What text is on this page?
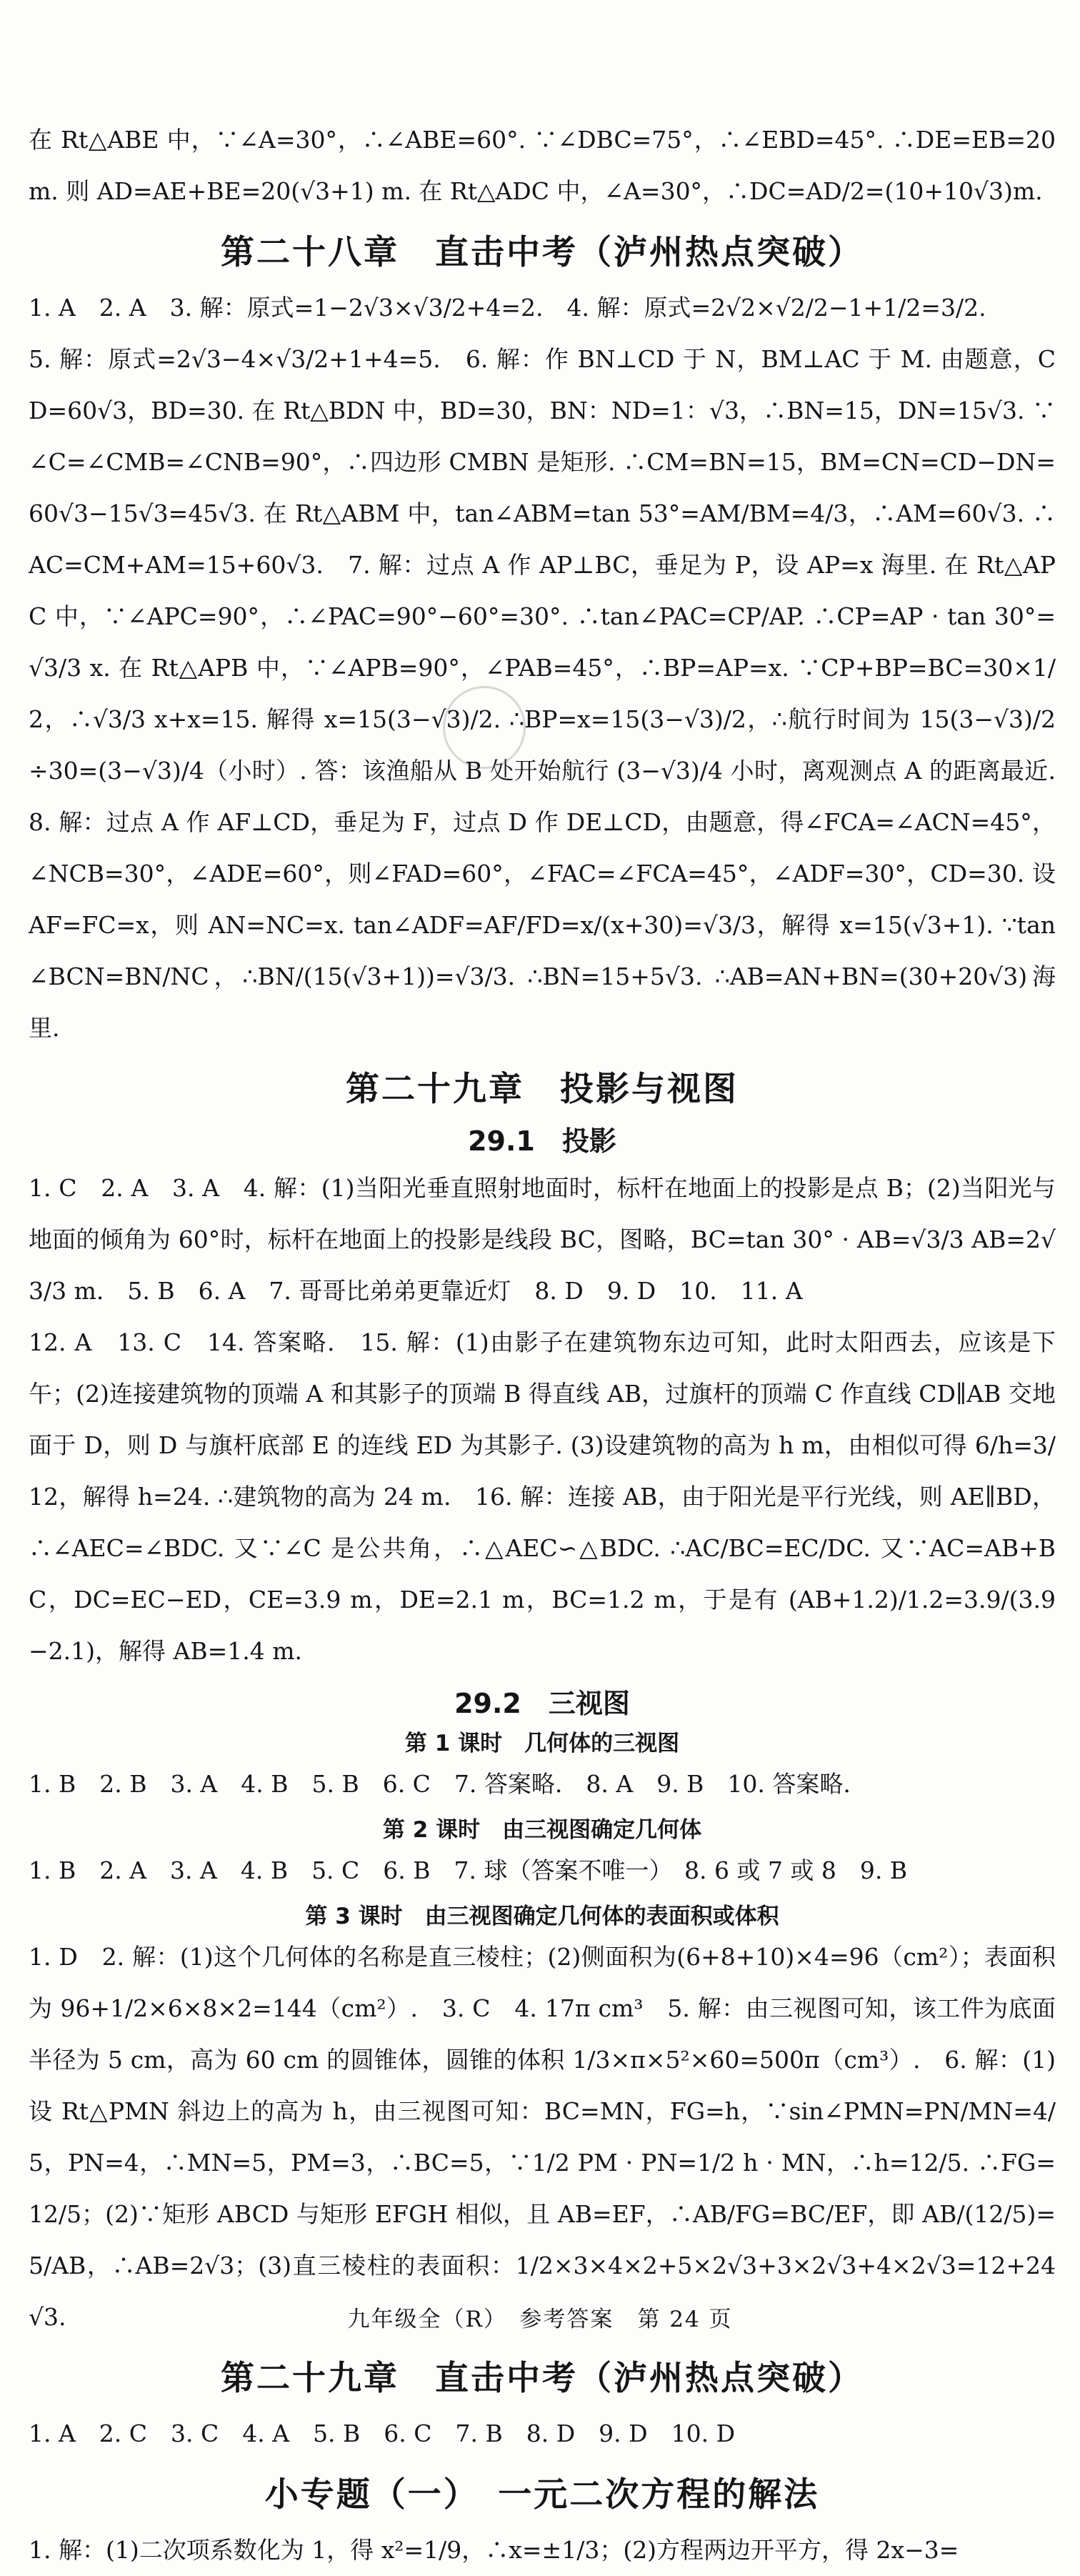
在 Rt△ABE 中，∵∠A=30°，∴∠ABE=60°. ∵∠DBC=75°，∴∠EBD=45°. ∴DE=EB=20 m. 则 AD=AE+BE=20(√3+1) m. 在 Rt△ADC 中，∠A=30°，∴DC=AD/2=(10+10√3)m.
第二十八章　直击中考（泸州热点突破）
1. A　2. A　3. 解：原式=1−2√3×√3/2+4=2.　4. 解：原式=2√2×√2/2−1+1/2=3/2.
5. 解：原式=2√3−4×√3/2+1+4=5.　6. 解：作 BN⊥CD 于 N，BM⊥AC 于 M. 由题意，CD=60√3，BD=30. 在 Rt△BDN 中，BD=30，BN：ND=1：√3，∴BN=15，DN=15√3. ∵∠C=∠CMB=∠CNB=90°，∴四边形 CMBN 是矩形. ∴CM=BN=15，BM=CN=CD−DN=60√3−15√3=45√3. 在 Rt△ABM 中，tan∠ABM=tan 53°=AM/BM=4/3，∴AM=60√3. ∴AC=CM+AM=15+60√3.　7. 解：过点 A 作 AP⊥BC，垂足为 P，设 AP=x 海里. 在 Rt△APC 中，∵∠APC=90°，∴∠PAC=90°−60°=30°. ∴tan∠PAC=CP/AP. ∴CP=AP · tan 30°=√3/3 x. 在 Rt△APB 中，∵∠APB=90°，∠PAB=45°，∴BP=AP=x. ∵CP+BP=BC=30×1/2，∴√3/3 x+x=15. 解得 x=15(3−√3)/2. ∴BP=x=15(3−√3)/2，∴航行时间为 15(3−√3)/2 ÷30=(3−√3)/4（小时）. 答：该渔船从 B 处开始航行 (3−√3)/4 小时，离观测点 A 的距离最近.　8. 解：过点 A 作 AF⊥CD，垂足为 F，过点 D 作 DE⊥CD，由题意，得∠FCA=∠ACN=45°，∠NCB=30°，∠ADE=60°，则∠FAD=60°，∠FAC=∠FCA=45°，∠ADF=30°，CD=30. 设 AF=FC=x，则 AN=NC=x. tan∠ADF=AF/FD=x/(x+30)=√3/3，解得 x=15(√3+1). ∵tan∠BCN=BN/NC，∴BN/(15(√3+1))=√3/3. ∴BN=15+5√3. ∴AB=AN+BN=(30+20√3)海里.
第二十九章　投影与视图
29.1　投影
1. C　2. A　3. A　4. 解：(1)当阳光垂直照射地面时，标杆在地面上的投影是点 B；(2)当阳光与地面的倾角为 60°时，标杆在地面上的投影是线段 BC，图略，BC=tan 30° · AB=√3/3 AB=2√3/3 m.　5. B　6. A　7. 哥哥比弟弟更靠近灯　8. D　9. D　10.　11. A
12. A　13. C　14. 答案略.　15. 解：(1)由影子在建筑物东边可知，此时太阳西去，应该是下午；(2)连接建筑物的顶端 A 和其影子的顶端 B 得直线 AB，过旗杆的顶端 C 作直线 CD∥AB 交地面于 D，则 D 与旗杆底部 E 的连线 ED 为其影子. (3)设建筑物的高为 h m，由相似可得 6/h=3/12，解得 h=24. ∴建筑物的高为 24 m.　16. 解：连接 AB，由于阳光是平行光线，则 AE∥BD，∴∠AEC=∠BDC. 又∵∠C 是公共角，∴△AEC∽△BDC. ∴AC/BC=EC/DC. 又∵AC=AB+BC，DC=EC−ED，CE=3.9 m，DE=2.1 m，BC=1.2 m，于是有 (AB+1.2)/1.2=3.9/(3.9−2.1)，解得 AB=1.4 m.
29.2　三视图
第 1 课时　几何体的三视图
1. B　2. B　3. A　4. B　5. B　6. C　7. 答案略.　8. A　9. B　10. 答案略.
第 2 课时　由三视图确定几何体
1. B　2. A　3. A　4. B　5. C　6. B　7. 球（答案不唯一）　8. 6 或 7 或 8　9. B
第 3 课时　由三视图确定几何体的表面积或体积
1. D　2. 解：(1)这个几何体的名称是直三棱柱；(2)侧面积为(6+8+10)×4=96（cm²）；表面积为 96+1/2×6×8×2=144（cm²）.　3. C　4. 17π cm³　5. 解：由三视图可知，该工件为底面半径为 5 cm，高为 60 cm 的圆锥体，圆锥的体积 1/3×π×5²×60=500π（cm³）.　6. 解：(1)设 Rt△PMN 斜边上的高为 h，由三视图可知：BC=MN，FG=h，∵sin∠PMN=PN/MN=4/5，PN=4，∴MN=5，PM=3，∴BC=5，∵1/2 PM · PN=1/2 h · MN，∴h=12/5. ∴FG=12/5；(2)∵矩形 ABCD 与矩形 EFGH 相似，且 AB=EF，∴AB/FG=BC/EF，即 AB/(12/5)=5/AB，∴AB=2√3；(3)直三棱柱的表面积：1/2×3×4×2+5×2√3+3×2√3+4×2√3=12+24√3.
第二十九章　直击中考（泸州热点突破）
1. A　2. C　3. C　4. A　5. B　6. C　7. B　8. D　9. D　10. D
小专题（一）　一元二次方程的解法
1. 解：(1)二次项系数化为 1，得 x²=1/9，∴x=±1/3；(2)方程两边开平方，得 2x−3=
九年级全（R）　参考答案　第 24 页
